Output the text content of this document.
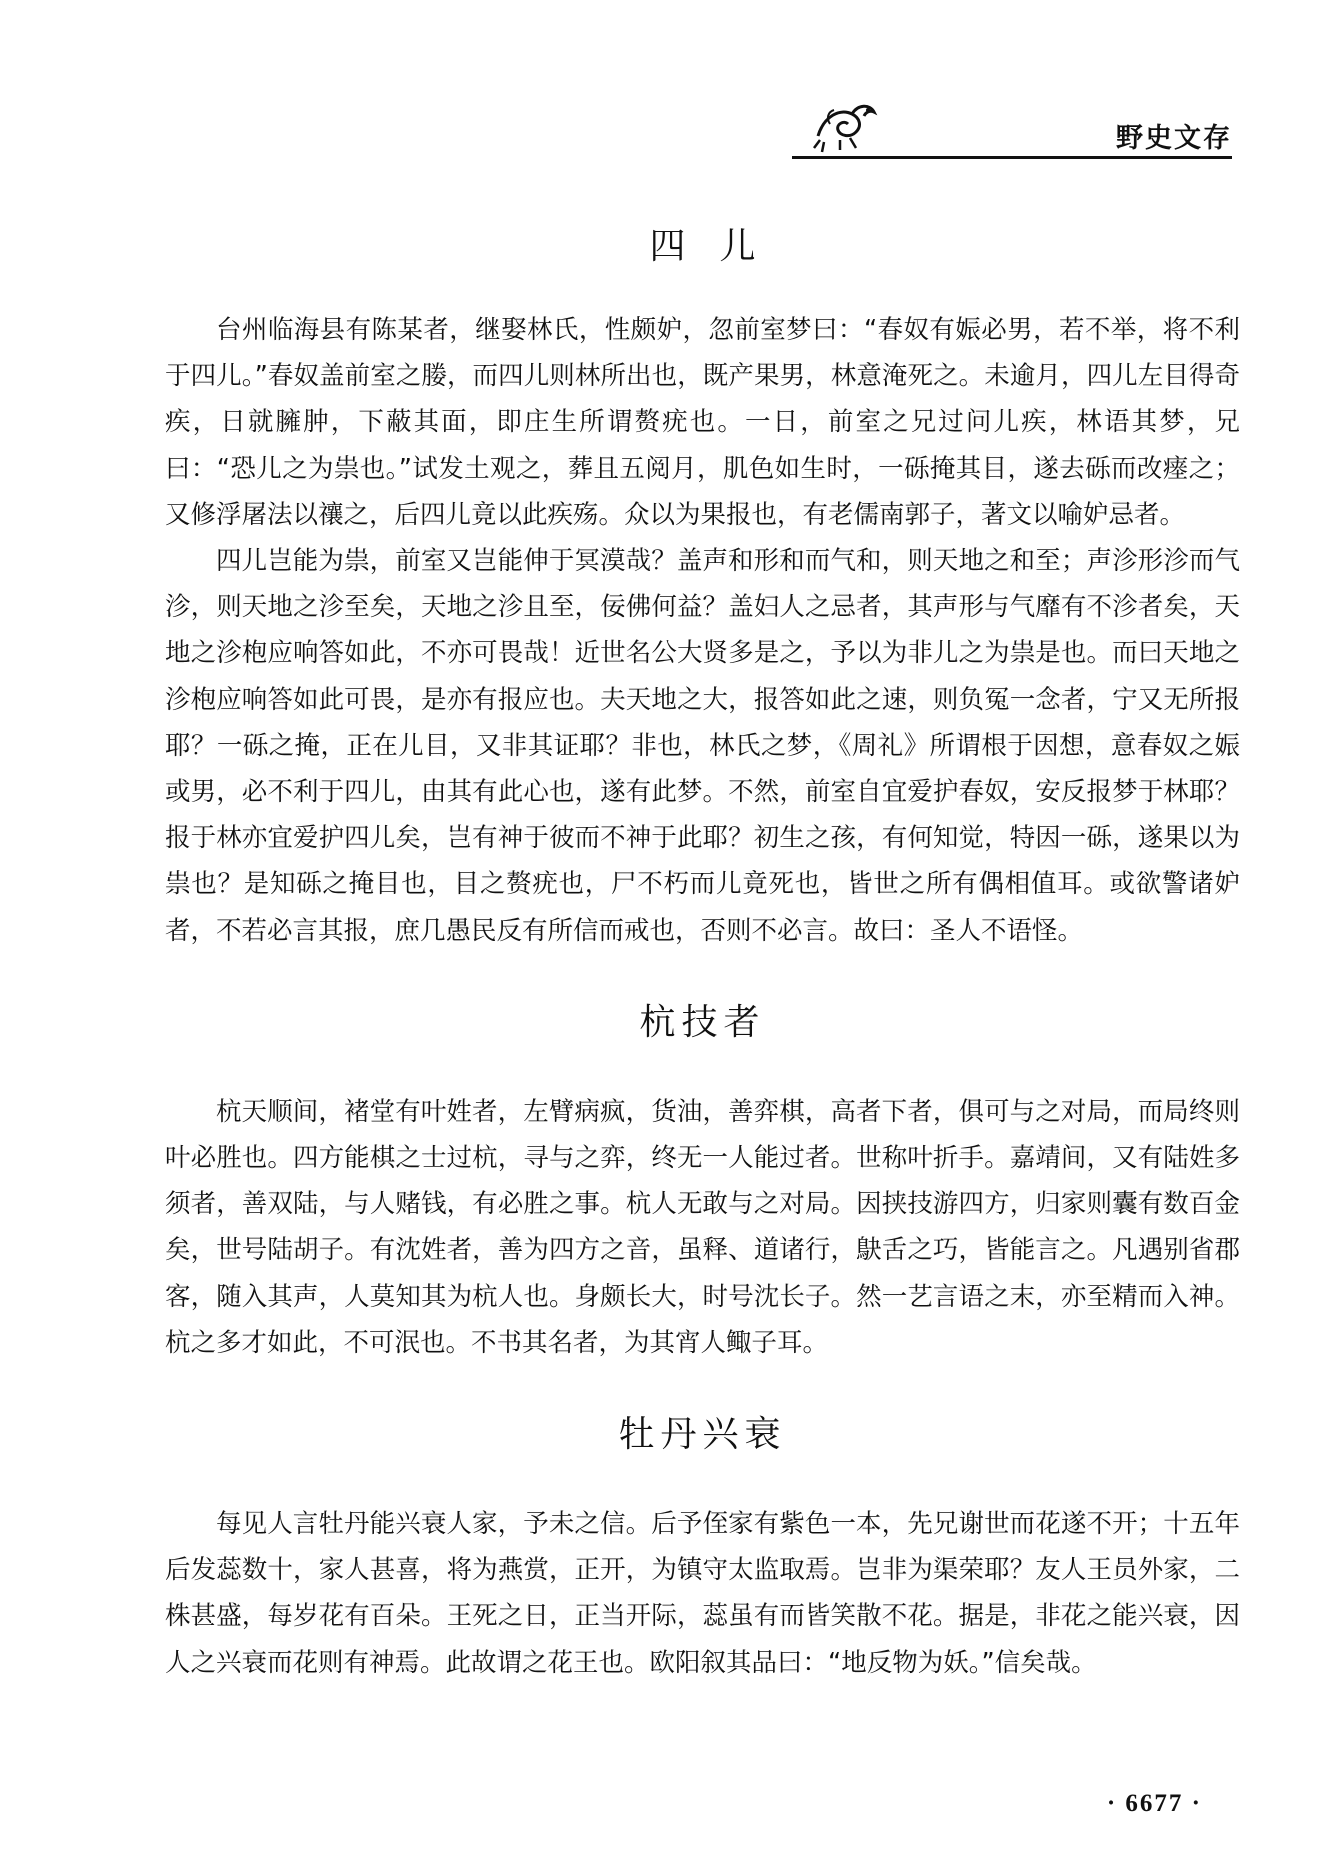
野史文存
四儿

台州临海县有陈某者，继娶林氏，性颇妒，忽前室梦曰：“春奴有娠必男，若不举，将不利于四儿。”春奴盖前室之媵，而四儿则林所出也，既产果男，林意淹死之。未逾月，四儿左目得奇疾，日就臃肿，下蔽其面，即庄生所谓赘疣也。一日，前室之兄过问儿疾，林语其梦，兄曰：“恐儿之为祟也。”试发土观之，葬且五阅月，肌色如生时，一砾掩其目，遂去砾而改瘗之；又修浮屠法以禳之，后四儿竟以此疾殇。众以为果报也，有老儒南郭子，著文以喻妒忌者。

四儿岂能为祟，前室又岂能伸于冥漠哉？盖声和形和而气和，则天地之和至；声沴形沴而气沴，则天地之沴至矣，天地之沴且至，佞佛何益？盖妇人之忌者，其声形与气靡有不沴者矣，天地之沴枹应响答如此，不亦可畏哉！近世名公大贤多是之，予以为非儿之为祟是也。而曰天地之沴枹应响答如此可畏，是亦有报应也。夫天地之大，报答如此之速，则负冤一念者，宁又无所报耶？一砾之掩，正在儿目，又非其证耶？非也，林氏之梦，《周礼》所谓根于因想，意春奴之娠或男，必不利于四儿，由其有此心也，遂有此梦。不然，前室自宜爱护春奴，安反报梦于林耶？报于林亦宜爱护四儿矣，岂有神于彼而不神于此耶？初生之孩，有何知觉，特因一砾，遂果以为祟也？是知砾之掩目也，目之赘疣也，尸不朽而儿竟死也，皆世之所有偶相值耳。或欲警诸妒者，不若必言其报，庶几愚民反有所信而戒也，否则不必言。故曰：圣人不语怪。

杭技者

杭天顺间，褚堂有叶姓者，左臂病疯，货油，善弈棋，高者下者，俱可与之对局，而局终则叶必胜也。四方能棋之士过杭，寻与之弈，终无一人能过者。世称叶折手。嘉靖间，又有陆姓多须者，善双陆，与人赌钱，有必胜之事。杭人无敢与之对局。因挟技游四方，归家则囊有数百金矣，世号陆胡子。有沈姓者，善为四方之音，虽释、道诸行，鴃舌之巧，皆能言之。凡遇别省郡客，随入其声，人莫知其为杭人也。身颇长大，时号沈长子。然一艺言语之末，亦至精而入神。杭之多才如此，不可泯也。不书其名者，为其宵人鲰子耳。

牡丹兴衰

每见人言牡丹能兴衰人家，予未之信。后予侄家有紫色一本，先兄谢世而花遂不开；十五年后发蕊数十，家人甚喜，将为燕赏，正开，为镇守太监取焉。岂非为渠荣耶？友人王员外家，二株甚盛，每岁花有百朵。王死之日，正当开际，蕊虽有而皆笑散不花。据是，非花之能兴衰，因人之兴衰而花则有神焉。此故谓之花王也。欧阳叙其品曰：“地反物为妖。”信矣哉。

· 6677 ·
